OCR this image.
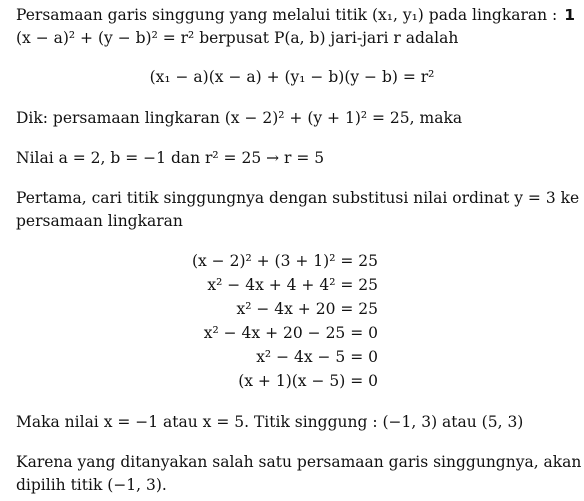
1
Persamaan garis singgung yang melalui titik (x₁, y₁) pada lingkaran :
(x − a)² + (y − b)² = r² berpusat P(a, b) jari-jari r adalah
(x₁ − a)(x − a) + (y₁ − b)(y − b) = r²
Dik: persamaan lingkaran (x − 2)² + (y + 1)² = 25, maka
Nilai a = 2, b = −1 dan r² = 25 → r = 5
Pertama, cari titik singgungnya dengan substitusi nilai ordinat y = 3 ke
persamaan lingkaran
(x − 2)² + (3 + 1)² = 25
x² − 4x + 4 + 4² = 25
x² − 4x + 20 = 25
x² − 4x + 20 − 25 = 0
x² − 4x − 5 = 0
(x + 1)(x − 5) = 0
Maka nilai x = −1 atau x = 5. Titik singgung : (−1, 3) atau (5, 3)
Karena yang ditanyakan salah satu persamaan garis singgungnya, akan
dipilih titik (−1, 3).
